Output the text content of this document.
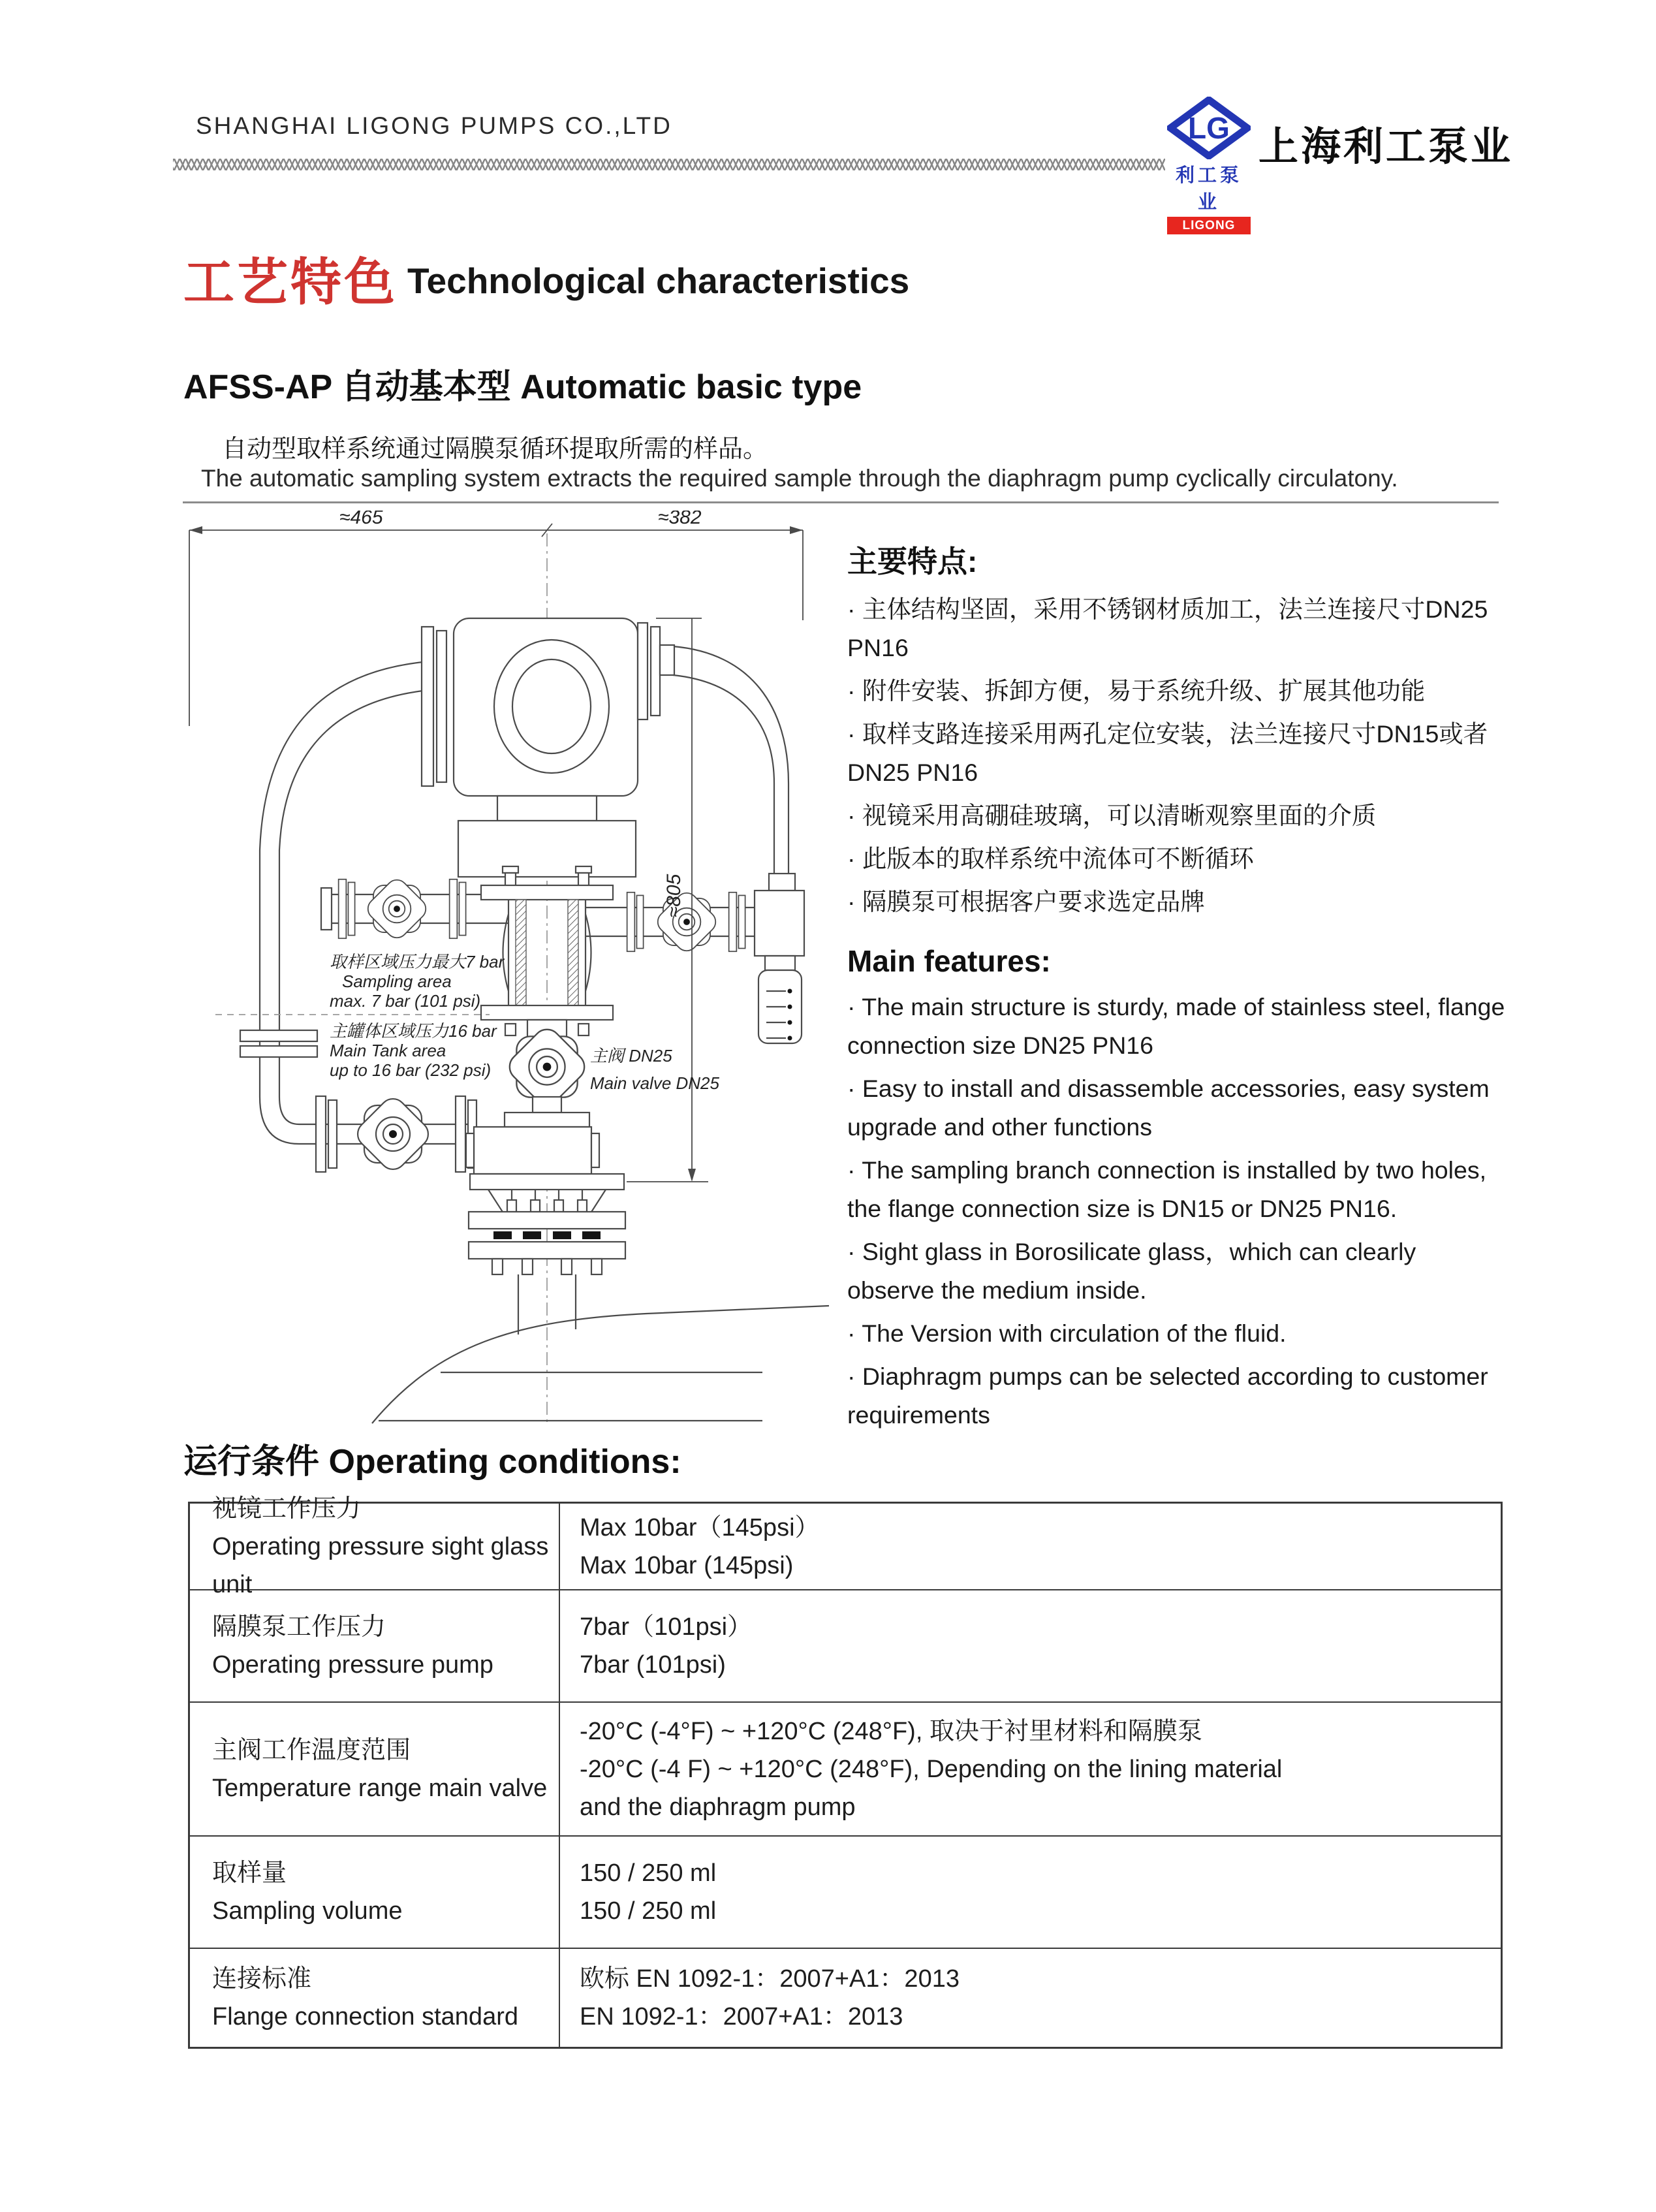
SHANGHAI LIGONG PUMPS CO.,LTD	LG
利工泵业
LIGONG PUMP
上海利工泵业
工艺特色 Technological characteristics
AFSS-AP 自动基本型 Automatic basic type
自动型取样系统通过隔膜泵循环提取所需的样品。
The automatic sampling system extracts the required sample through the diaphragm pump cyclically circulatony.
≈465	≈382
≈805
取样区域压力最大7 bar
Sampling area
max. 7 bar (101 psi)
主罐体区域压力16 bar
Main Tank area
up to 16 bar (232 psi)
主阀 DN25
Main valve DN25
主要特点:
· 主体结构坚固，采用不锈钢材质加工，法兰连接尺寸DN25 PN16
· 附件安装、拆卸方便，易于系统升级、扩展其他功能
· 取样支路连接采用两孔定位安装，法兰连接尺寸DN15或者 DN25 PN16
· 视镜采用高硼硅玻璃，可以清晰观察里面的介质
· 此版本的取样系统中流体可不断循环
· 隔膜泵可根据客户要求选定品牌
Main features:
· The main structure is sturdy, made of stainless steel, flange connection size DN25 PN16
· Easy to install and disassemble accessories, easy system upgrade and other functions
· The sampling branch connection is installed by two holes, the flange connection size is DN15 or DN25 PN16.
· Sight glass in Borosilicate glass，which can clearly observe the medium inside.
· The Version with circulation of the fluid.
· Diaphragm pumps can be selected according to customer requirements
运行条件 Operating conditions:
视镜工作压力
Operating pressure sight glass unit
Max 10bar（145psi）
Max 10bar (145psi)
隔膜泵工作压力
Operating pressure pump
7bar（101psi）
7bar (101psi)
主阀工作温度范围
Temperature range main valve
-20°C (-4°F) ~ +120°C (248°F), 取决于衬里材料和隔膜泵
-20°C (-4 F) ~ +120°C (248°F), Depending on the lining material
and the diaphragm pump
取样量
Sampling volume
150 / 250 ml
150 / 250 ml
连接标准
Flange connection standard
欧标 EN 1092-1：2007+A1：2013
EN 1092-1：2007+A1：2013
